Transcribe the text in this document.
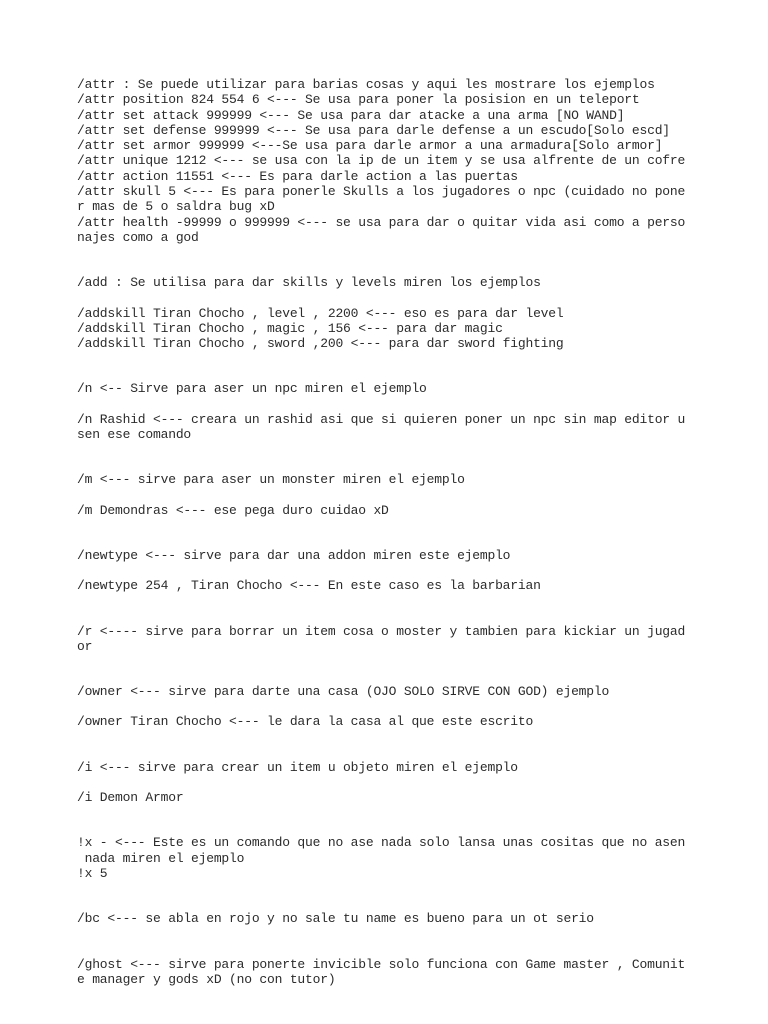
/attr : Se puede utilizar para barias cosas y aqui les mostrare los ejemplos
/attr position 824 554 6 <--- Se usa para poner la posision en un teleport
/attr set attack 999999 <--- Se usa para dar atacke a una arma [NO WAND]
/attr set defense 999999 <--- Se usa para darle defense a un escudo[Solo escd]
/attr set armor 999999 <---Se usa para darle armor a una armadura[Solo armor]
/attr unique 1212 <--- se usa con la ip de un item y se usa alfrente de un cofre
/attr action 11551 <--- Es para darle action a las puertas
/attr skull 5 <--- Es para ponerle Skulls a los jugadores o npc (cuidado no pone
r mas de 5 o saldra bug xD
/attr health -99999 o 999999 <--- se usa para dar o quitar vida asi como a perso
najes como a god
/add : Se utilisa para dar skills y levels miren los ejemplos
/addskill Tiran Chocho , level , 2200 <--- eso es para dar level
/addskill Tiran Chocho , magic , 156 <--- para dar magic
/addskill Tiran Chocho , sword ,200 <--- para dar sword fighting
/n <-- Sirve para aser un npc miren el ejemplo
/n Rashid <--- creara un rashid asi que si quieren poner un npc sin map editor u
sen ese comando
/m <--- sirve para aser un monster miren el ejemplo
/m Demondras <--- ese pega duro cuidao xD
/newtype <--- sirve para dar una addon miren este ejemplo
/newtype 254 , Tiran Chocho <--- En este caso es la barbarian
/r <---- sirve para borrar un item cosa o moster y tambien para kickiar un jugad
or
/owner <--- sirve para darte una casa (OJO SOLO SIRVE CON GOD) ejemplo
/owner Tiran Chocho <--- le dara la casa al que este escrito
/i <--- sirve para crear un item u objeto miren el ejemplo
/i Demon Armor
!x - <--- Este es un comando que no ase nada solo lansa unas cositas que no asen
nada miren el ejemplo
!x 5
/bc <--- se abla en rojo y no sale tu name es bueno para un ot serio
/ghost <--- sirve para ponerte invicible solo funciona con Game master , Comunit
e manager y gods xD (no con tutor)
